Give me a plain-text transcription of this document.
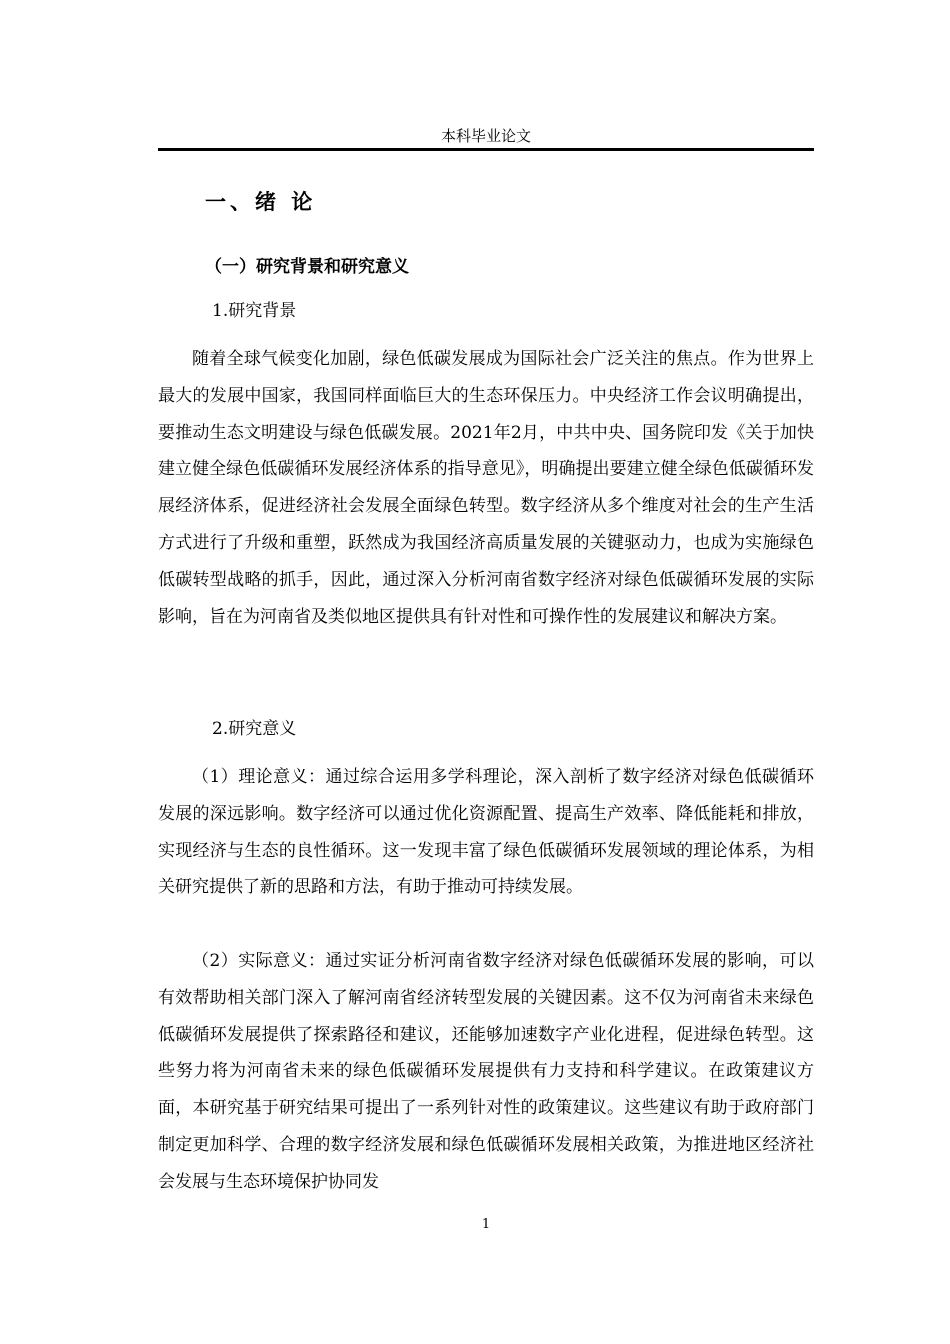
本科毕业论文
一、绪 论
（一）研究背景和研究意义
1.研究背景

随着全球气候变化加剧，绿色低碳发展成为国际社会广泛关注的焦点。作为世界上最大的发展中国家，我国同样面临巨大的生态环保压力。中央经济工作会议明确提出，要推动生态文明建设与绿色低碳发展。2021年2月，中共中央、国务院印发《关于加快建立健全绿色低碳循环发展经济体系的指导意见》，明确提出要建立健全绿色低碳循环发展经济体系，促进经济社会发展全面绿色转型。数字经济从多个维度对社会的生产生活方式进行了升级和重塑，跃然成为我国经济高质量发展的关键驱动力，也成为实施绿色低碳转型战略的抓手，因此，通过深入分析河南省数字经济对绿色低碳循环发展的实际影响，旨在为河南省及类似地区提供具有针对性和可操作性的发展建议和解决方案。

2.研究意义

（1）理论意义：通过综合运用多学科理论，深入剖析了数字经济对绿色低碳循环发展的深远影响。数字经济可以通过优化资源配置、提高生产效率、降低能耗和排放，实现经济与生态的良性循环。这一发现丰富了绿色低碳循环发展领域的理论体系，为相关研究提供了新的思路和方法，有助于推动可持续发展。

（2）实际意义：通过实证分析河南省数字经济对绿色低碳循环发展的影响，可以有效帮助相关部门深入了解河南省经济转型发展的关键因素。这不仅为河南省未来绿色低碳循环发展提供了探索路径和建议，还能够加速数字产业化进程，促进绿色转型。这些努力将为河南省未来的绿色低碳循环发展提供有力支持和科学建议。在政策建议方面，本研究基于研究结果可提出了一系列针对性的政策建议。这些建议有助于政府部门制定更加科学、合理的数字经济发展和绿色低碳循环发展相关政策，为推进地区经济社会发展与生态环境保护协同发

1
